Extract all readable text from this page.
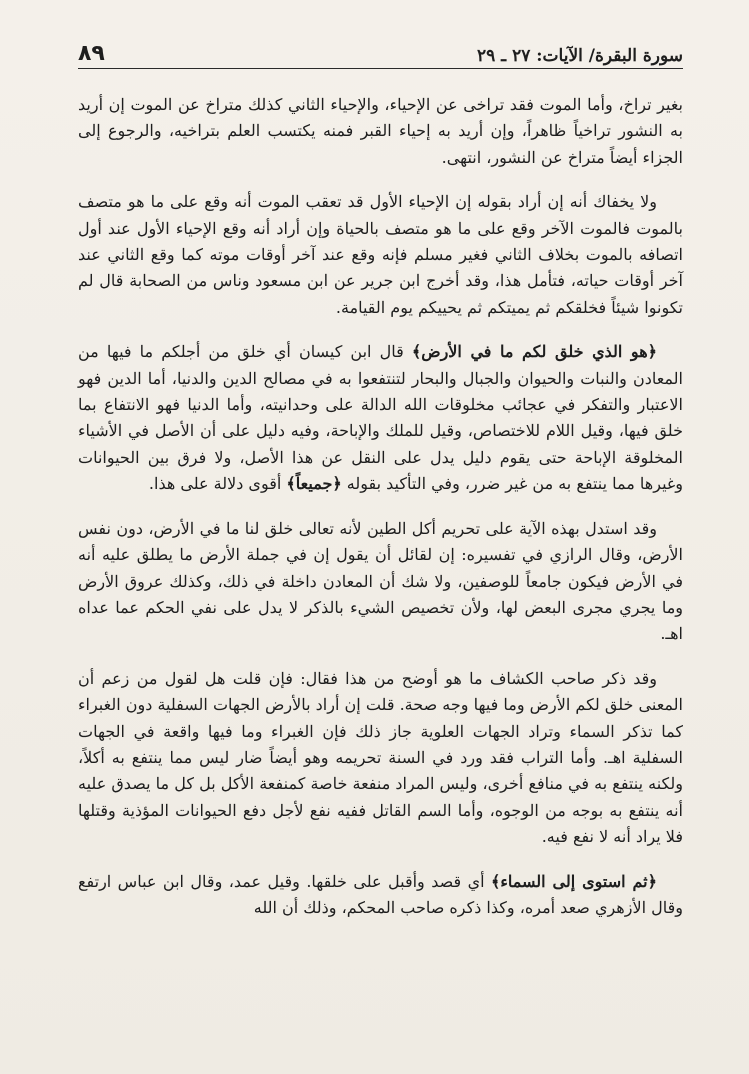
سورة البقرة/ الآيات: ٢٧ ـ ٢٩
٨٩

بغير تراخ، وأما الموت فقد تراخى عن الإحياء، والإحياء الثاني كذلك متراخ عن الموت إن أريد به النشور تراخياً ظاهراً، وإن أريد به إحياء القبر فمنه يكتسب العلم بتراخيه، والرجوع إلى الجزاء أيضاً متراخ عن النشور، انتهى.

ولا يخفاك أنه إن أراد بقوله إن الإحياء الأول قد تعقب الموت أنه وقع على ما هو متصف بالموت فالموت الآخر وقع على ما هو متصف بالحياة وإن أراد أنه وقع الإحياء الأول عند أول اتصافه بالموت بخلاف الثاني فغير مسلم فإنه وقع عند آخر أوقات موته كما وقع الثاني عند آخر أوقات حياته، فتأمل هذا، وقد أخرج ابن جرير عن ابن مسعود وناس من الصحابة قال لم تكونوا شيئاً فخلقكم ثم يميتكم ثم يحييكم يوم القيامة.

﴿هو الذي خلق لكم ما في الأرض﴾ قال ابن كيسان أي خلق من أجلكم ما فيها من المعادن والنبات والحيوان والجبال والبحار لتنتفعوا به في مصالح الدين والدنيا، أما الدين فهو الاعتبار والتفكر في عجائب مخلوقات الله الدالة على وحدانيته، وأما الدنيا فهو الانتفاع بما خلق فيها، وقيل اللام للاختصاص، وقيل للملك والإباحة، وفيه دليل على أن الأصل في الأشياء المخلوقة الإباحة حتى يقوم دليل يدل على النقل عن هذا الأصل، ولا فرق بين الحيوانات وغيرها مما ينتفع به من غير ضرر، وفي التأكيد بقوله ﴿جميعاً﴾ أقوى دلالة على هذا.

وقد استدل بهذه الآية على تحريم أكل الطين لأنه تعالى خلق لنا ما في الأرض، دون نفس الأرض، وقال الرازي في تفسيره: إن لقائل أن يقول إن في جملة الأرض ما يطلق عليه أنه في الأرض فيكون جامعاً للوصفين، ولا شك أن المعادن داخلة في ذلك، وكذلك عروق الأرض وما يجري مجرى البعض لها، ولأن تخصيص الشيء بالذكر لا يدل على نفي الحكم عما عداه اهـ.

وقد ذكر صاحب الكشاف ما هو أوضح من هذا فقال: فإن قلت هل لقول من زعم أن المعنى خلق لكم الأرض وما فيها وجه صحة. قلت إن أراد بالأرض الجهات السفلية دون الغبراء كما تذكر السماء وتراد الجهات العلوية جاز ذلك فإن الغبراء وما فيها واقعة في الجهات السفلية اهـ. وأما التراب فقد ورد في السنة تحريمه وهو أيضاً ضار ليس مما ينتفع به أكلاً، ولكنه ينتفع به في منافع أخرى، وليس المراد منفعة خاصة كمنفعة الأكل بل كل ما يصدق عليه أنه ينتفع به بوجه من الوجوه، وأما السم القاتل ففيه نفع لأجل دفع الحيوانات المؤذية وقتلها فلا يراد أنه لا نفع فيه.

﴿ثم استوى إلى السماء﴾ أي قصد وأقبل على خلقها. وقيل عمد، وقال ابن عباس ارتفع وقال الأزهري صعد أمره، وكذا ذكره صاحب المحكم، وذلك أن الله
